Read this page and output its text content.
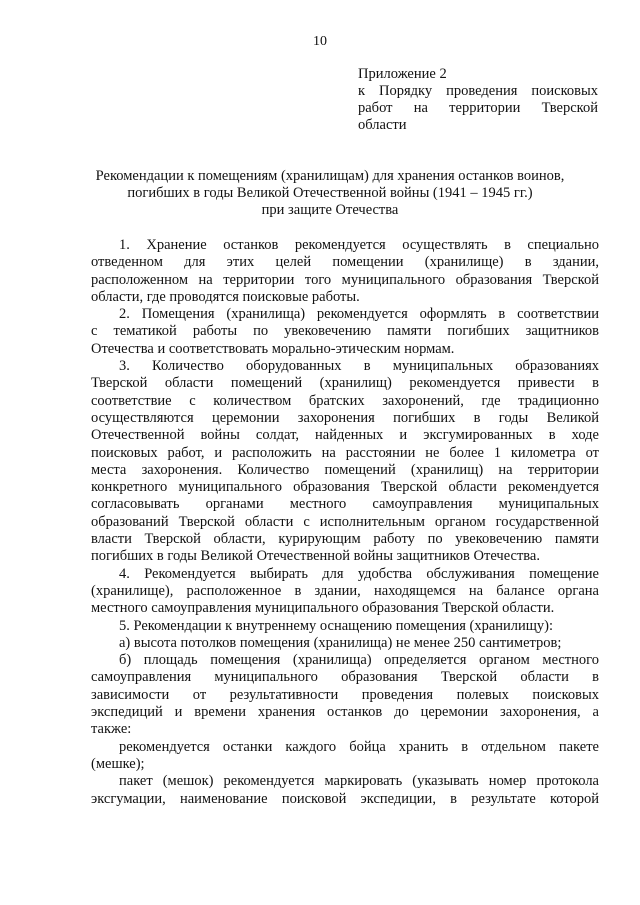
10
Приложение 2
к Порядку проведения поисковых
работ на территории Тверской
области
Рекомендации к помещениям (хранилищам) для хранения останков воинов,
погибших в годы Великой Отечественной войны (1941 – 1945 гг.)
при защите Отечества
1. Хранение останков рекомендуется осуществлять в специально
отведенном для этих целей помещении (хранилище) в здании,
расположенном на территории того муниципального образования Тверской
области, где проводятся поисковые работы.
2. Помещения (хранилища) рекомендуется оформлять в соответствии
с тематикой работы по увековечению памяти погибших защитников
Отечества и соответствовать морально-этическим нормам.
3. Количество оборудованных в муниципальных образованиях
Тверской области помещений (хранилищ) рекомендуется привести в
соответствие с количеством братских захоронений, где традиционно
осуществляются церемонии захоронения погибших в годы Великой
Отечественной войны солдат, найденных и эксгумированных в ходе
поисковых работ, и расположить на расстоянии не более 1 километра от
места захоронения. Количество помещений (хранилищ) на территории
конкретного муниципального образования Тверской области рекомендуется
согласовывать органами местного самоуправления муниципальных
образований Тверской области с исполнительным органом государственной
власти Тверской области, курирующим работу по увековечению памяти
погибших в годы Великой Отечественной войны защитников Отечества.
4. Рекомендуется выбирать для удобства обслуживания помещение
(хранилище), расположенное в здании, находящемся на балансе органа
местного самоуправления муниципального образования Тверской области.
5. Рекомендации к внутреннему оснащению помещения (хранилищу):
а) высота потолков помещения (хранилища) не менее 250 сантиметров;
б) площадь помещения (хранилища) определяется органом местного
самоуправления муниципального образования Тверской области в
зависимости от результативности проведения полевых поисковых
экспедиций и времени хранения останков до церемонии захоронения, а
также:
рекомендуется останки каждого бойца хранить в отдельном пакете
(мешке);
пакет (мешок) рекомендуется маркировать (указывать номер протокола
эксгумации, наименование поисковой экспедиции, в результате которой
